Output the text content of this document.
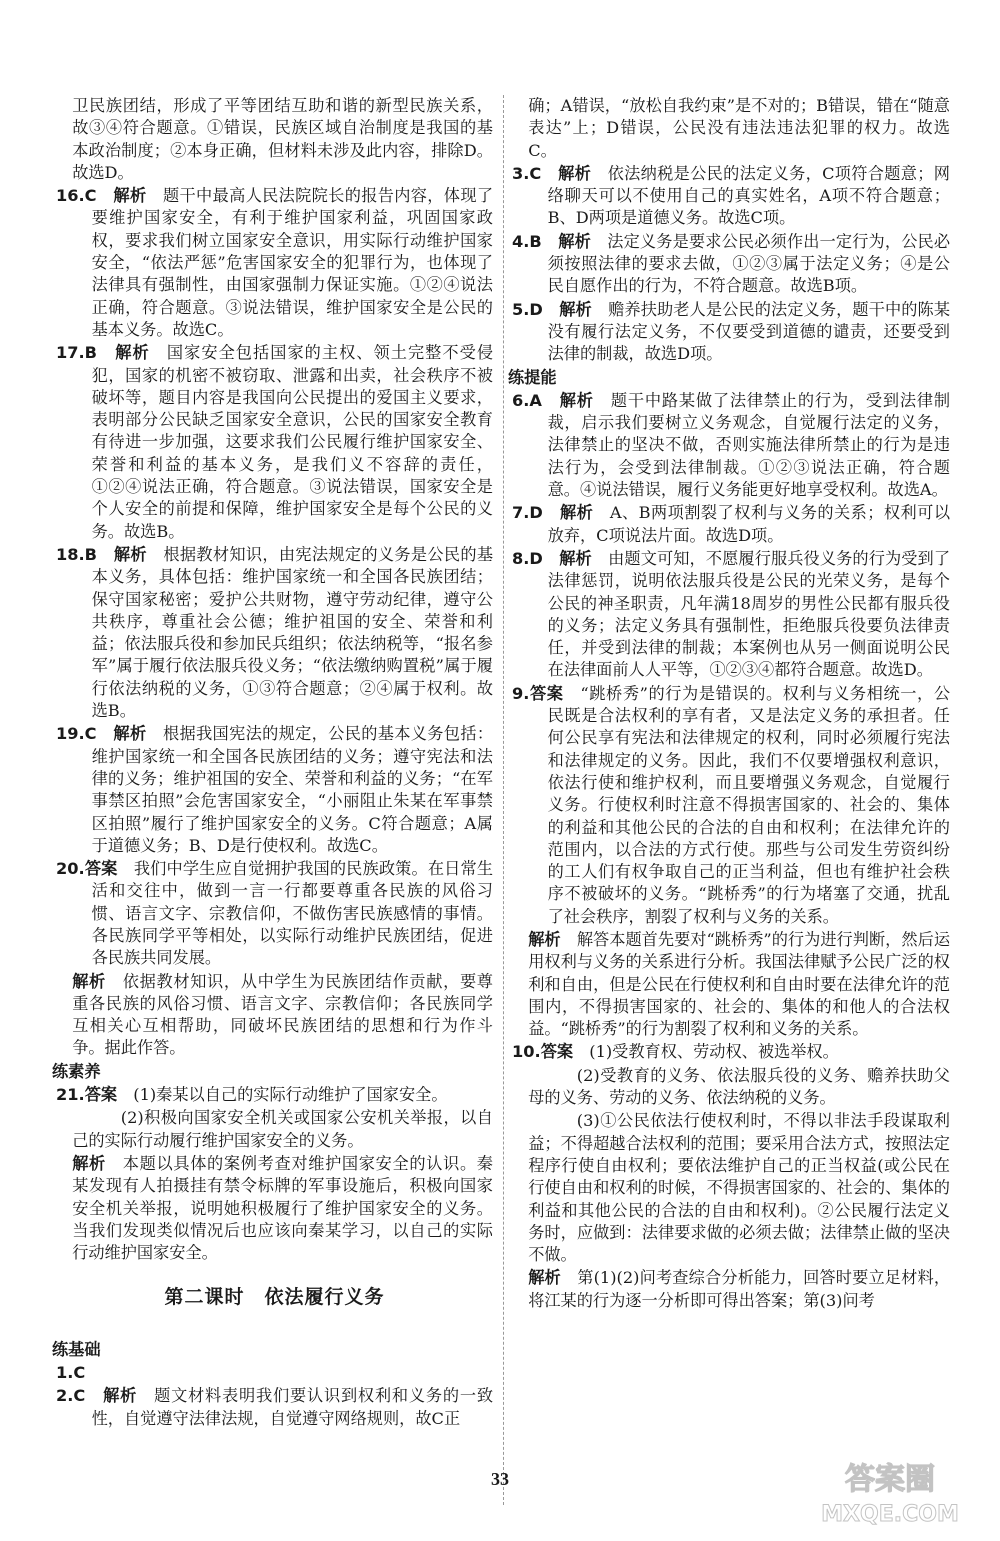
卫民族团结，形成了平等团结互助和谐的新型民族关系，故③④符合题意。①错误，民族区域自治制度是我国的基本政治制度；②本身正确，但材料未涉及此内容，排除D。故选D。

16.C　 解析　 题干中最高人民法院院长的报告内容，体现了要维护国家安全，有利于维护国家利益，巩固国家政权，要求我们树立国家安全意识，用实际行动维护国家安全，“依法严惩”危害国家安全的犯罪行为，也体现了法律具有强制性，由国家强制力保证实施。①②④说法正确，符合题意。③说法错误，维护国家安全是公民的基本义务。故选C。

17.B　 解析　 国家安全包括国家的主权、领土完整不受侵犯，国家的机密不被窃取、泄露和出卖，社会秩序不被破坏等，题目内容是我国向公民提出的爱国主义要求，表明部分公民缺乏国家安全意识，公民的国家安全教育有待进一步加强，这要求我们公民履行维护国家安全、荣誉和利益的基本义务，是我们义不容辞的责任，①②④说法正确，符合题意。③说法错误，国家安全是个人安全的前提和保障，维护国家安全是每个公民的义务。故选B。

18.B　 解析　 根据教材知识，由宪法规定的义务是公民的基本义务，具体包括：维护国家统一和全国各民族团结；保守国家秘密；爱护公共财物，遵守劳动纪律，遵守公共秩序，尊重社会公德；维护祖国的安全、荣誉和利益；依法服兵役和参加民兵组织；依法纳税等，“报名参军”属于履行依法服兵役义务；“依法缴纳购置税”属于履行依法纳税的义务，①③符合题意；②④属于权利。故选B。

19.C　 解析　 根据我国宪法的规定，公民的基本义务包括：维护国家统一和全国各民族团结的义务；遵守宪法和法律的义务；维护祖国的安全、荣誉和利益的义务；“在军事禁区拍照”会危害国家安全，“小丽阻止朱某在军事禁区拍照”履行了维护国家安全的义务。C符合题意；A属于道德义务；B、D是行使权利。故选C。

20.答案　 我们中学生应自觉拥护我国的民族政策。在日常生活和交往中，做到一言一行都要尊重各民族的风俗习惯、语言文字、宗教信仰，不做伤害民族感情的事情。各民族同学平等相处，以实际行动维护民族团结，促进各民族共同发展。

解析　 依据教材知识，从中学生为民族团结作贡献，要尊重各民族的风俗习惯、语言文字、宗教信仰；各民族同学互相关心互相帮助，同破坏民族团结的思想和行为作斗争。据此作答。

练素养

21.答案　 (1)秦某以自己的实际行动维护了国家安全。

(2)积极向国家安全机关或国家公安机关举报，以自己的实际行动履行维护国家安全的义务。

解析　 本题以具体的案例考查对维护国家安全的认识。秦某发现有人拍摄挂有禁令标牌的军事设施后，积极向国家安全机关举报，说明她积极履行了维护国家安全的义务。当我们发现类似情况后也应该向秦某学习，以自己的实际行动维护国家安全。

第二课时　依法履行义务
练基础

1.C

2.C　 解析　 题文材料表明我们要认识到权利和义务的一致性，自觉遵守法律法规，自觉遵守网络规则，故C正

确；A错误，“放松自我约束”是不对的；B错误，错在“随意表达”上；D错误，公民没有违法违法犯罪的权力。故选C。

3.C　 解析　 依法纳税是公民的法定义务，C项符合题意；网络聊天可以不使用自己的真实姓名，A项不符合题意；B、D两项是道德义务。故选C项。

4.B　 解析　 法定义务是要求公民必须作出一定行为，公民必须按照法律的要求去做，①②③属于法定义务；④是公民自愿作出的行为，不符合题意。故选B项。

5.D　 解析　 赡养扶助老人是公民的法定义务，题干中的陈某没有履行法定义务，不仅要受到道德的谴责，还要受到法律的制裁，故选D项。

练提能

6.A　 解析　 题干中路某做了法律禁止的行为，受到法律制裁，启示我们要树立义务观念，自觉履行法定的义务，法律禁止的坚决不做，否则实施法律所禁止的行为是违法行为，会受到法律制裁。①②③说法正确，符合题意。④说法错误，履行义务能更好地享受权利。故选A。

7.D　 解析　 A、B两项割裂了权利与义务的关系；权利可以放弃，C项说法片面。故选D项。

8.D　 解析　 由题文可知，不愿履行服兵役义务的行为受到了法律惩罚，说明依法服兵役是公民的光荣义务，是每个公民的神圣职责，凡年满18周岁的男性公民都有服兵役的义务；法定义务具有强制性，拒绝服兵役要负法律责任，并受到法律的制裁；本案例也从另一侧面说明公民在法律面前人人平等，①②③④都符合题意。故选D。

9.答案　 “跳桥秀”的行为是错误的。权利与义务相统一，公民既是合法权利的享有者，又是法定义务的承担者。任何公民享有宪法和法律规定的权利，同时必须履行宪法和法律规定的义务。因此，我们不仅要增强权利意识，依法行使和维护权利，而且要增强义务观念，自觉履行义务。行使权利时注意不得损害国家的、社会的、集体的利益和其他公民的合法的自由和权利；在法律允许的范围内，以合法的方式行使。那些与公司发生劳资纠纷的工人们有权争取自己的正当利益，但也有维护社会秩序不被破坏的义务。“跳桥秀”的行为堵塞了交通，扰乱了社会秩序，割裂了权利与义务的关系。

解析　 解答本题首先要对“跳桥秀”的行为进行判断，然后运用权利与义务的关系进行分析。我国法律赋予公民广泛的权利和自由，但是公民在行使权利和自由时要在法律允许的范围内，不得损害国家的、社会的、集体的和他人的合法权益。“跳桥秀”的行为割裂了权利和义务的关系。

10.答案　 (1)受教育权、劳动权、被选举权。

(2)受教育的义务、依法服兵役的义务、赡养扶助父母的义务、劳动的义务、依法纳税的义务。

(3)①公民依法行使权利时，不得以非法手段谋取利益；不得超越合法权利的范围；要采用合法方式，按照法定程序行使自由权利；要依法维护自己的正当权益(或公民在行使自由和权利的时候，不得损害国家的、社会的、集体的利益和其他公民的合法的自由和权利)。②公民履行法定义务时，应做到：法律要求做的必须去做；法律禁止做的坚决不做。

解析　 第(1)(2)问考查综合分析能力，回答时要立足材料，将江某的行为逐一分析即可得出答案；第(3)问考

33	答案圈
MXQE.COM
